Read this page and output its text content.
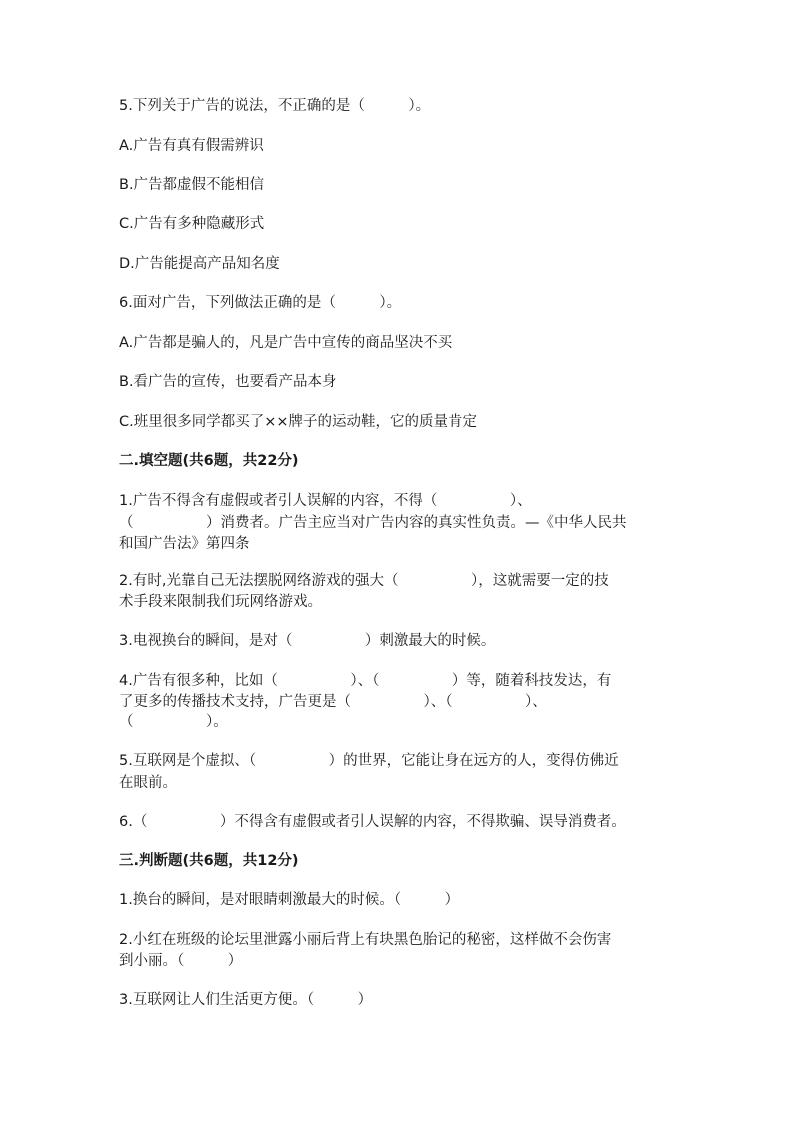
5.下列关于广告的说法，不正确的是（　　　）。
A.广告有真有假需辨识
B.广告都虚假不能相信
C.广告有多种隐藏形式
D.广告能提高产品知名度
6.面对广告，下列做法正确的是（　　　）。
A.广告都是骗人的，凡是广告中宣传的商品坚决不买
B.看广告的宣传，也要看产品本身
C.班里很多同学都买了××牌子的运动鞋，它的质量肯定
二.填空题(共6题，共22分)
1.广告不得含有虚假或者引人误解的内容，不得（　　　　　）、
（　　　　　）消费者。广告主应当对广告内容的真实性负责。—《中华人民共
和国广告法》第四条
2.有时,光靠自己无法摆脱网络游戏的强大（　　　　　），这就需要一定的技
术手段来限制我们玩网络游戏。
3.电视换台的瞬间，是对（　　　　　）刺激最大的时候。
4.广告有很多种，比如（　　　　　）、（　　　　　）等，随着科技发达，有
了更多的传播技术支持，广告更是（　　　　　）、（　　　　　）、
（　　　　　）。
5.互联网是个虚拟、（　　　　　）的世界，它能让身在远方的人，变得仿佛近
在眼前。
6.（　　　　　）不得含有虚假或者引人误解的内容，不得欺骗、误导消费者。
三.判断题(共6题，共12分)
1.换台的瞬间，是对眼睛刺激最大的时候。（　　　）
2.小红在班级的论坛里泄露小丽后背上有块黑色胎记的秘密，这样做不会伤害
到小丽。（　　　）
3.互联网让人们生活更方便。（　　　）
